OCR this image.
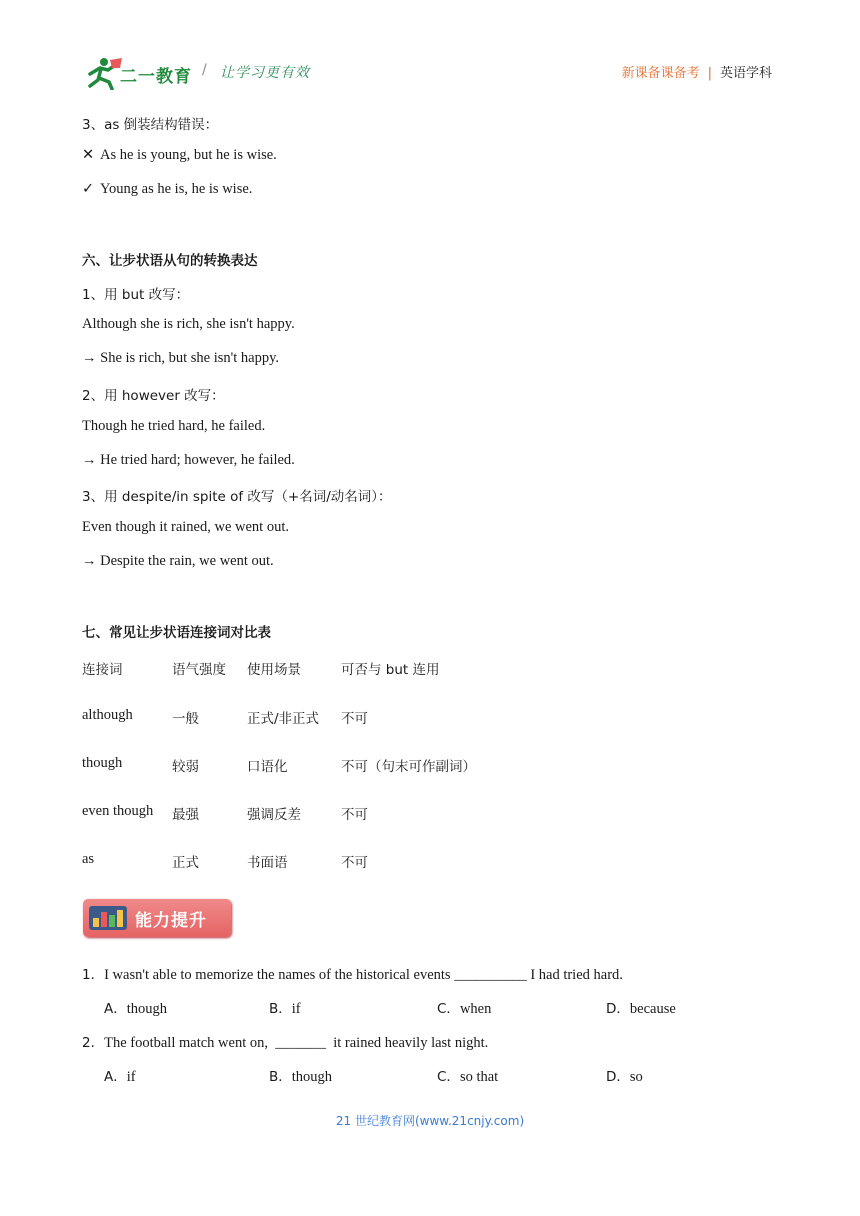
二一教育 / 让学习更有效	新课备课备考 | 英语学科
3、as 倒装结构错误：
✕ As he is young, but he is wise.
✓ Young as he is, he is wise.
六、让步状语从句的转换表达
1、用 but 改写：
Although she is rich, she isn't happy.
→ She is rich, but she isn't happy.
2、用 however 改写：
Though he tried hard, he failed.
→ He tried hard; however, he failed.
3、用 despite/in spite of 改写（+名词/动名词）：
Even though it rained, we went out.
→ Despite the rain, we went out.
七、常见让步状语连接词对比表
连接词	语气强度 使用场景	可否与 but 连用
although	一般	正式/非正式 不可
though	较弱	口语化	不可（句末可作副词）
even though 最强	强调反差	不可
as	正式	书面语	不可
能力提升
1．I wasn't able to memorize the names of the historical events __________ I had tried hard.
A．though	B．if	C．when	D．because
2．The football match went on,  _______  it rained heavily last night.
A．if	B．though	C．so that	D．so
21 世纪教育网(www.21cnjy.com)
